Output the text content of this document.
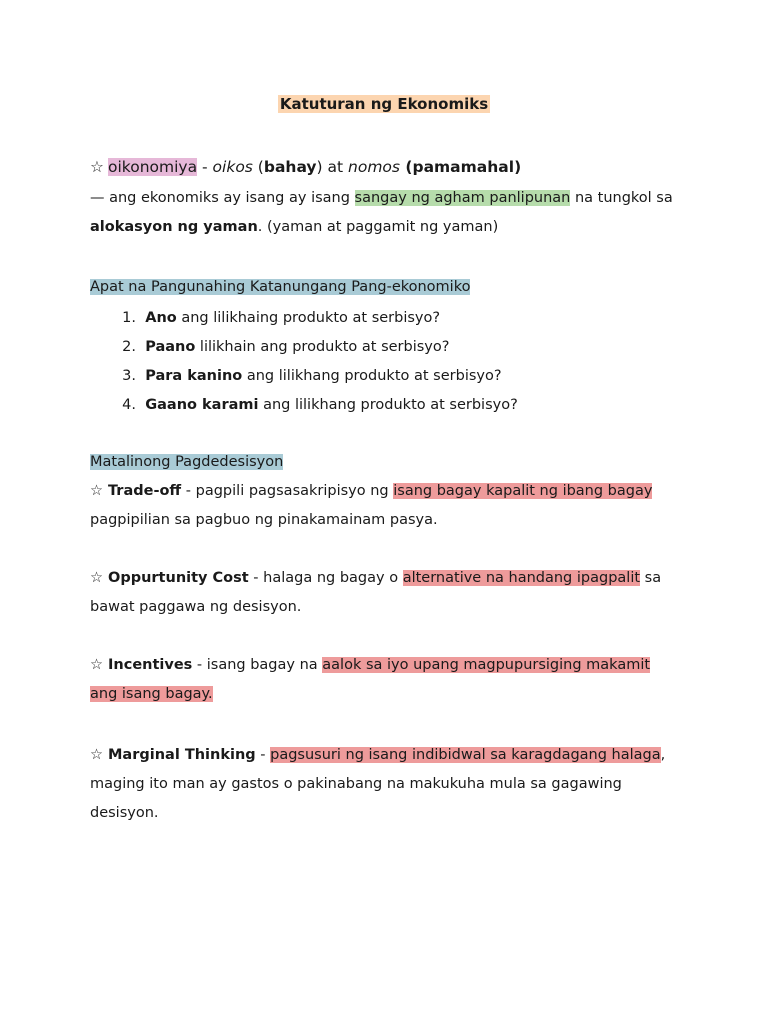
Katuturan ng Ekonomiks
☆ oikonomiya - oikos (bahay) at nomos (pamamahal)
— ang ekonomiks ay isang ay isang sangay ng agham panlipunan na tungkol sa
alokasyon ng yaman. (yaman at paggamit ng yaman)
Apat na Pangunahing Katanungang Pang-ekonomiko
1. Ano ang lilikhaing produkto at serbisyo?
2. Paano lilikhain ang produkto at serbisyo?
3. Para kanino ang lilikhang produkto at serbisyo?
4. Gaano karami ang lilikhang produkto at serbisyo?
Matalinong Pagdedesisyon
☆ Trade-off - pagpili pagsasakripisyo ng isang bagay kapalit ng ibang bagay
pagpipilian sa pagbuo ng pinakamainam pasya.
☆ Oppurtunity Cost - halaga ng bagay o alternative na handang ipagpalit sa
bawat paggawa ng desisyon.
☆ Incentives - isang bagay na aalok sa iyo upang magpupursiging makamit
ang isang bagay.
☆ Marginal Thinking - pagsusuri ng isang indibidwal sa karagdagang halaga,
maging ito man ay gastos o pakinabang na makukuha mula sa gagawing
desisyon.
